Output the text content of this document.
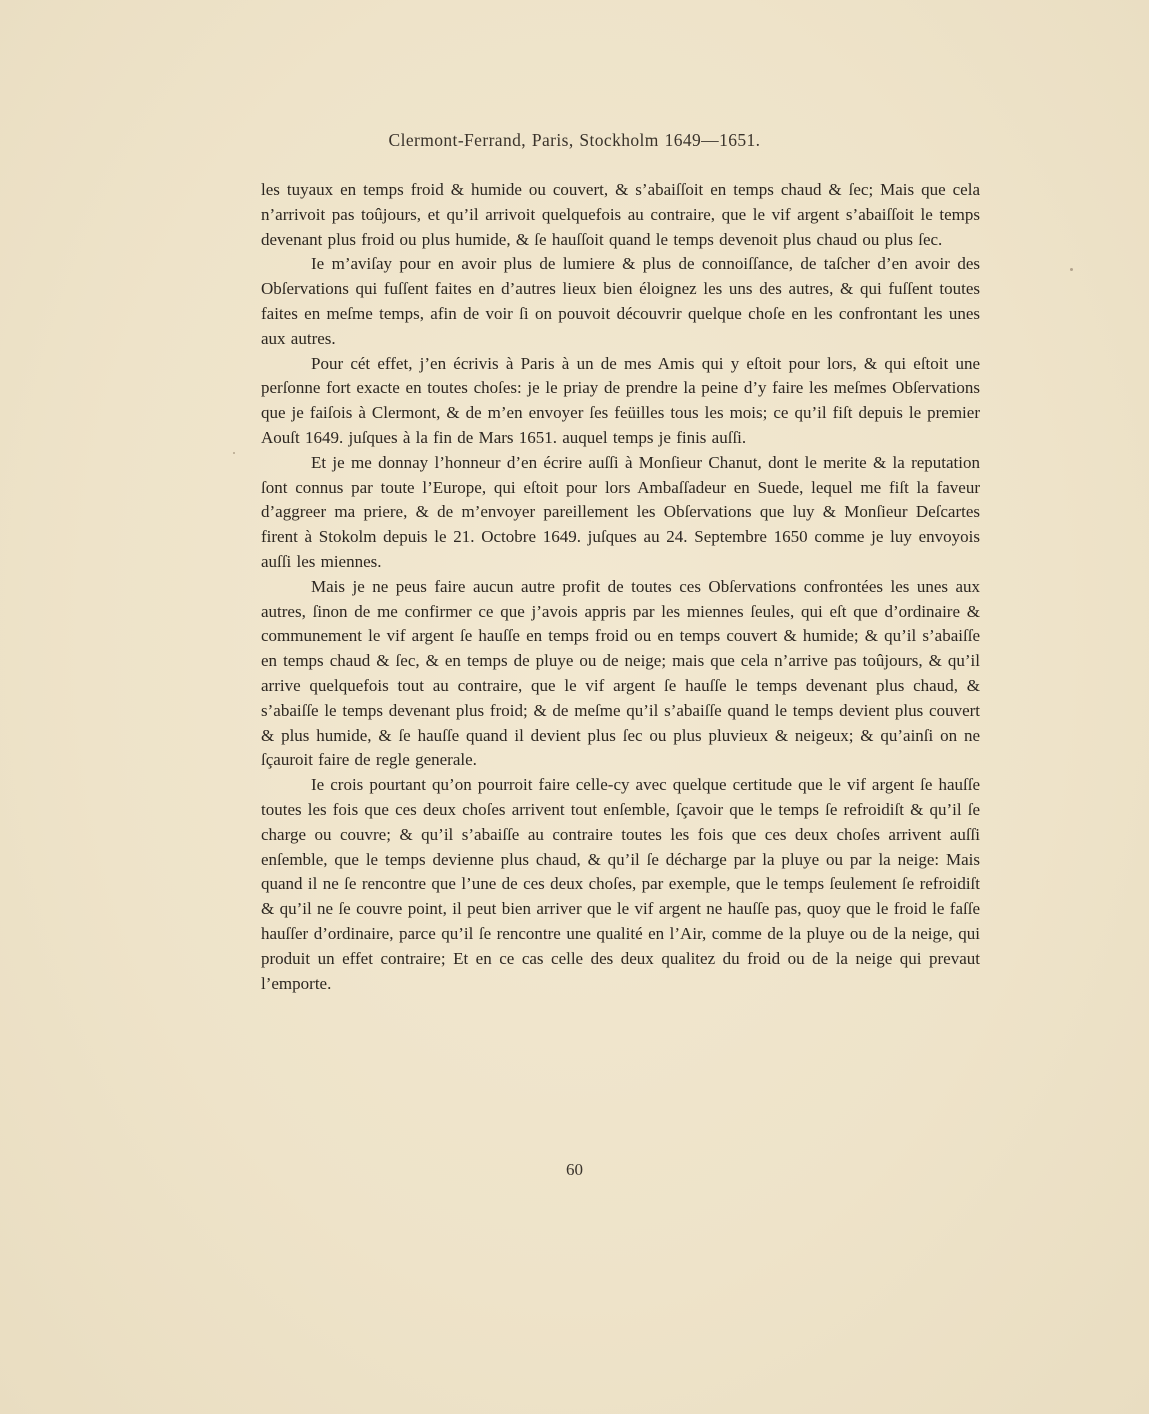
Clermont-Ferrand, Paris, Stockholm 1649—1651.

les tuyaux en temps froid & humide ou couvert, & s’abaiſſoit en temps chaud & ſec; Mais que cela n’arrivoit pas toûjours, et qu’il arrivoit quelquefois au contraire, que le vif argent s’abaiſſoit le temps devenant plus froid ou plus humide, & ſe hauſſoit quand le temps devenoit plus chaud ou plus ſec.

Ie m’aviſay pour en avoir plus de lumiere & plus de connoiſſance, de taſcher d’en avoir des Obſervations qui fuſſent faites en d’autres lieux bien éloignez les uns des autres, & qui fuſſent toutes faites en meſme temps, afin de voir ſi on pouvoit découvrir quelque choſe en les confrontant les unes aux autres.

Pour cét effet, j’en écrivis à Paris à un de mes Amis qui y eſtoit pour lors, & qui eſtoit une perſonne fort exacte en toutes choſes: je le priay de prendre la peine d’y faire les meſmes Obſervations que je faiſois à Clermont, & de m’en envoyer ſes feüilles tous les mois; ce qu’il fiſt depuis le premier Aouſt 1649. juſques à la fin de Mars 1651. auquel temps je finis auſſi.

Et je me donnay l’honneur d’en écrire auſſi à Monſieur Chanut, dont le merite & la reputation ſont connus par toute l’Europe, qui eſtoit pour lors Ambaſſadeur en Suede, lequel me fiſt la faveur d’aggreer ma priere, & de m’envoyer pareillement les Obſervations que luy & Monſieur Deſcartes firent à Stokolm depuis le 21. Octobre 1649. juſques au 24. Septembre 1650 comme je luy envoyois auſſi les miennes.

Mais je ne peus faire aucun autre profit de toutes ces Obſervations confrontées les unes aux autres, ſinon de me confirmer ce que j’avois appris par les miennes ſeules, qui eſt que d’ordinaire & communement le vif argent ſe hauſſe en temps froid ou en temps couvert & humide; & qu’il s’abaiſſe en temps chaud & ſec, & en temps de pluye ou de neige; mais que cela n’arrive pas toûjours, & qu’il arrive quelquefois tout au contraire, que le vif argent ſe hauſſe le temps devenant plus chaud, & s’abaiſſe le temps devenant plus froid; & de meſme qu’il s’abaiſſe quand le temps devient plus couvert & plus humide, & ſe hauſſe quand il devient plus ſec ou plus pluvieux & neigeux; & qu’ainſi on ne ſçauroit faire de regle generale.

Ie crois pourtant qu’on pourroit faire celle-cy avec quelque certitude que le vif argent ſe hauſſe toutes les fois que ces deux choſes arrivent tout enſemble, ſçavoir que le temps ſe refroidiſt & qu’il ſe charge ou couvre; & qu’il s’abaiſſe au contraire toutes les fois que ces deux choſes arrivent auſſi enſemble, que le temps devienne plus chaud, & qu’il ſe décharge par la pluye ou par la neige: Mais quand il ne ſe rencontre que l’une de ces deux choſes, par exemple, que le temps ſeulement ſe refroidiſt & qu’il ne ſe couvre point, il peut bien arriver que le vif argent ne hauſſe pas, quoy que le froid le faſſe hauſſer d’ordinaire, parce qu’il ſe rencontre une qualité en l’Air, comme de la pluye ou de la neige, qui produit un effet contraire; Et en ce cas celle des deux qualitez du froid ou de la neige qui prevaut l’emporte.

60
